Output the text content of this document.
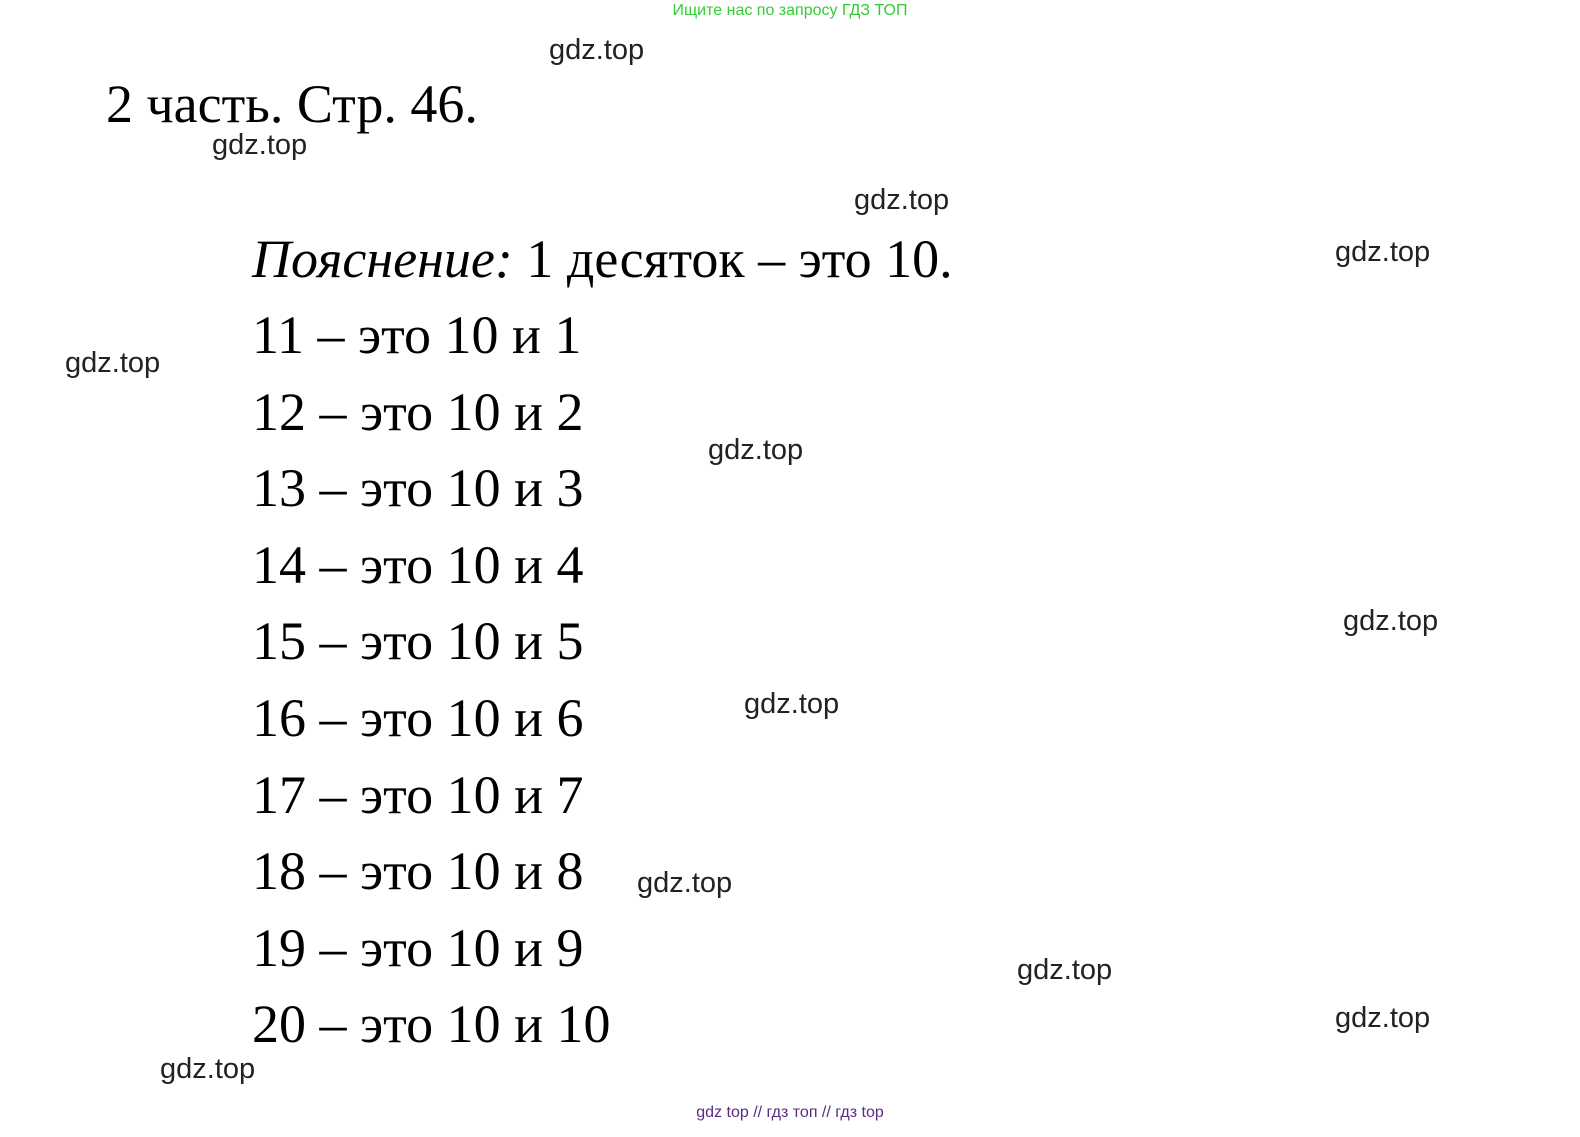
Ищите нас по запросу ГДЗ ТОП
2 часть. Стр. 46.
Пояснение: 1 десяток – это 10.
11 – это 10 и 1
12 – это 10 и 2
13 – это 10 и 3
14 – это 10 и 4
15 – это 10 и 5
16 – это 10 и 6
17 – это 10 и 7
18 – это 10 и 8
19 – это 10 и 9
20 – это 10 и 10
gdz.top
gdz.top
gdz.top
gdz.top
gdz.top
gdz.top
gdz.top
gdz.top
gdz.top
gdz.top
gdz.top
gdz.top
gdz top // гдз топ // гдз top
